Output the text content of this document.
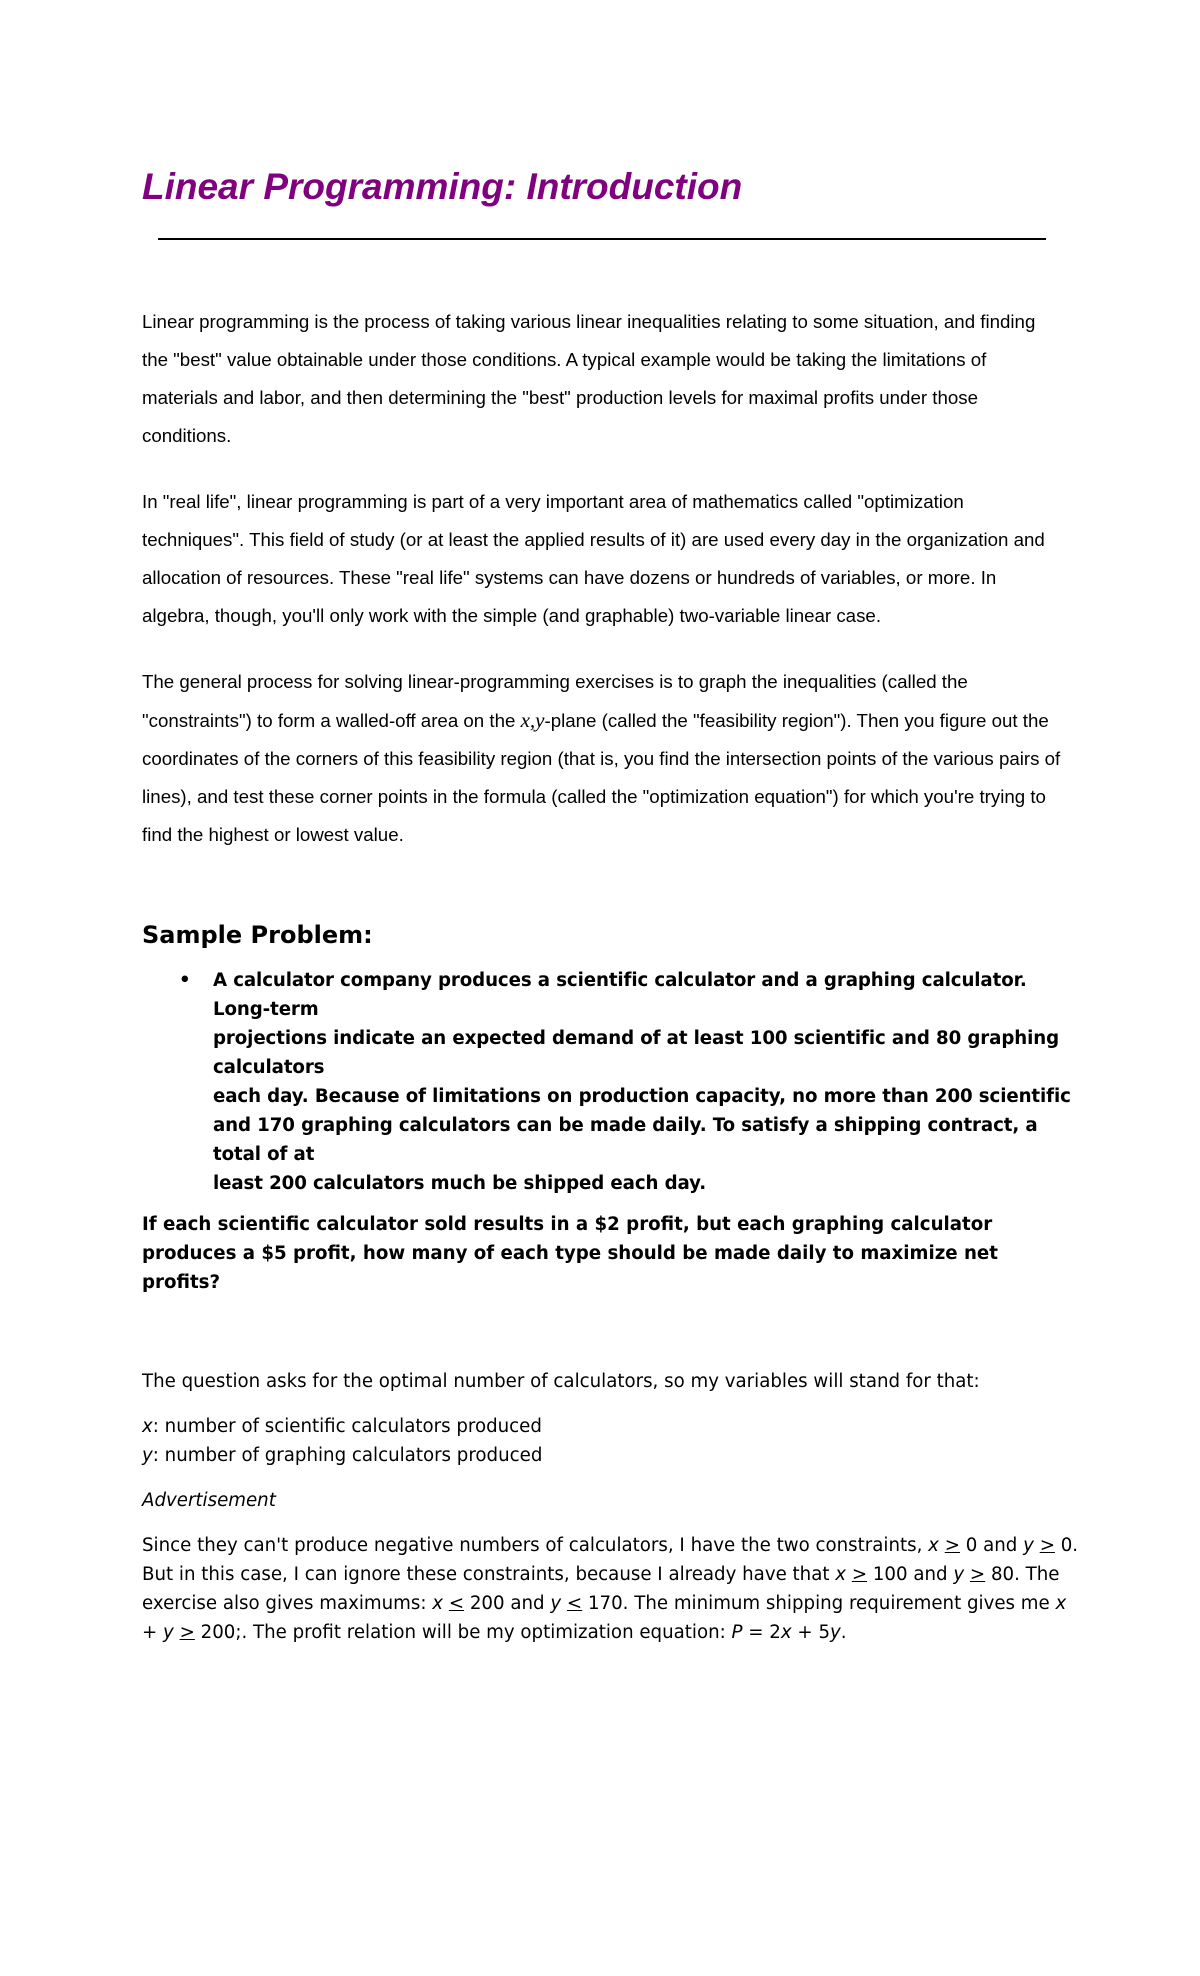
Linear Programming: Introduction

Linear programming is the process of taking various linear inequalities relating to some situation, and finding the "best" value obtainable under those conditions. A typical example would be taking the limitations of materials and labor, and then determining the "best" production levels for maximal profits under those conditions.

In "real life", linear programming is part of a very important area of mathematics called "optimization techniques". This field of study (or at least the applied results of it) are used every day in the organization and allocation of resources. These "real life" systems can have dozens or hundreds of variables, or more. In algebra, though, you'll only work with the simple (and graphable) two-variable linear case.

The general process for solving linear-programming exercises is to graph the inequalities (called the "constraints") to form a walled-off area on the x,y-plane (called the "feasibility region"). Then you figure out the coordinates of the corners of this feasibility region (that is, you find the intersection points of the various pairs of lines), and test these corner points in the formula (called the "optimization equation") for which you're trying to find the highest or lowest value.

Sample Problem:
• A calculator company produces a scientific calculator and a graphing calculator. Long-term
projections indicate an expected demand of at least 100 scientific and 80 graphing calculators
each day. Because of limitations on production capacity, no more than 200 scientific
and 170 graphing calculators can be made daily. To satisfy a shipping contract, a total of at
least 200 calculators much be shipped each day.

If each scientific calculator sold results in a $2 profit, but each graphing calculator produces a $5 profit, how many of each type should be made daily to maximize net profits?

The question asks for the optimal number of calculators, so my variables will stand for that:

x: number of scientific calculators produced
y: number of graphing calculators produced

Advertisement

Since they can't produce negative numbers of calculators, I have the two constraints, x ≥ 0 and y ≥ 0. But in this case, I can ignore these constraints, because I already have that x ≥ 100 and y ≥ 80. The exercise also gives maximums: x ≤ 200 and y ≤ 170. The minimum shipping requirement gives me x + y ≥ 200;. The profit relation will be my optimization equation: P = 2x + 5y.
